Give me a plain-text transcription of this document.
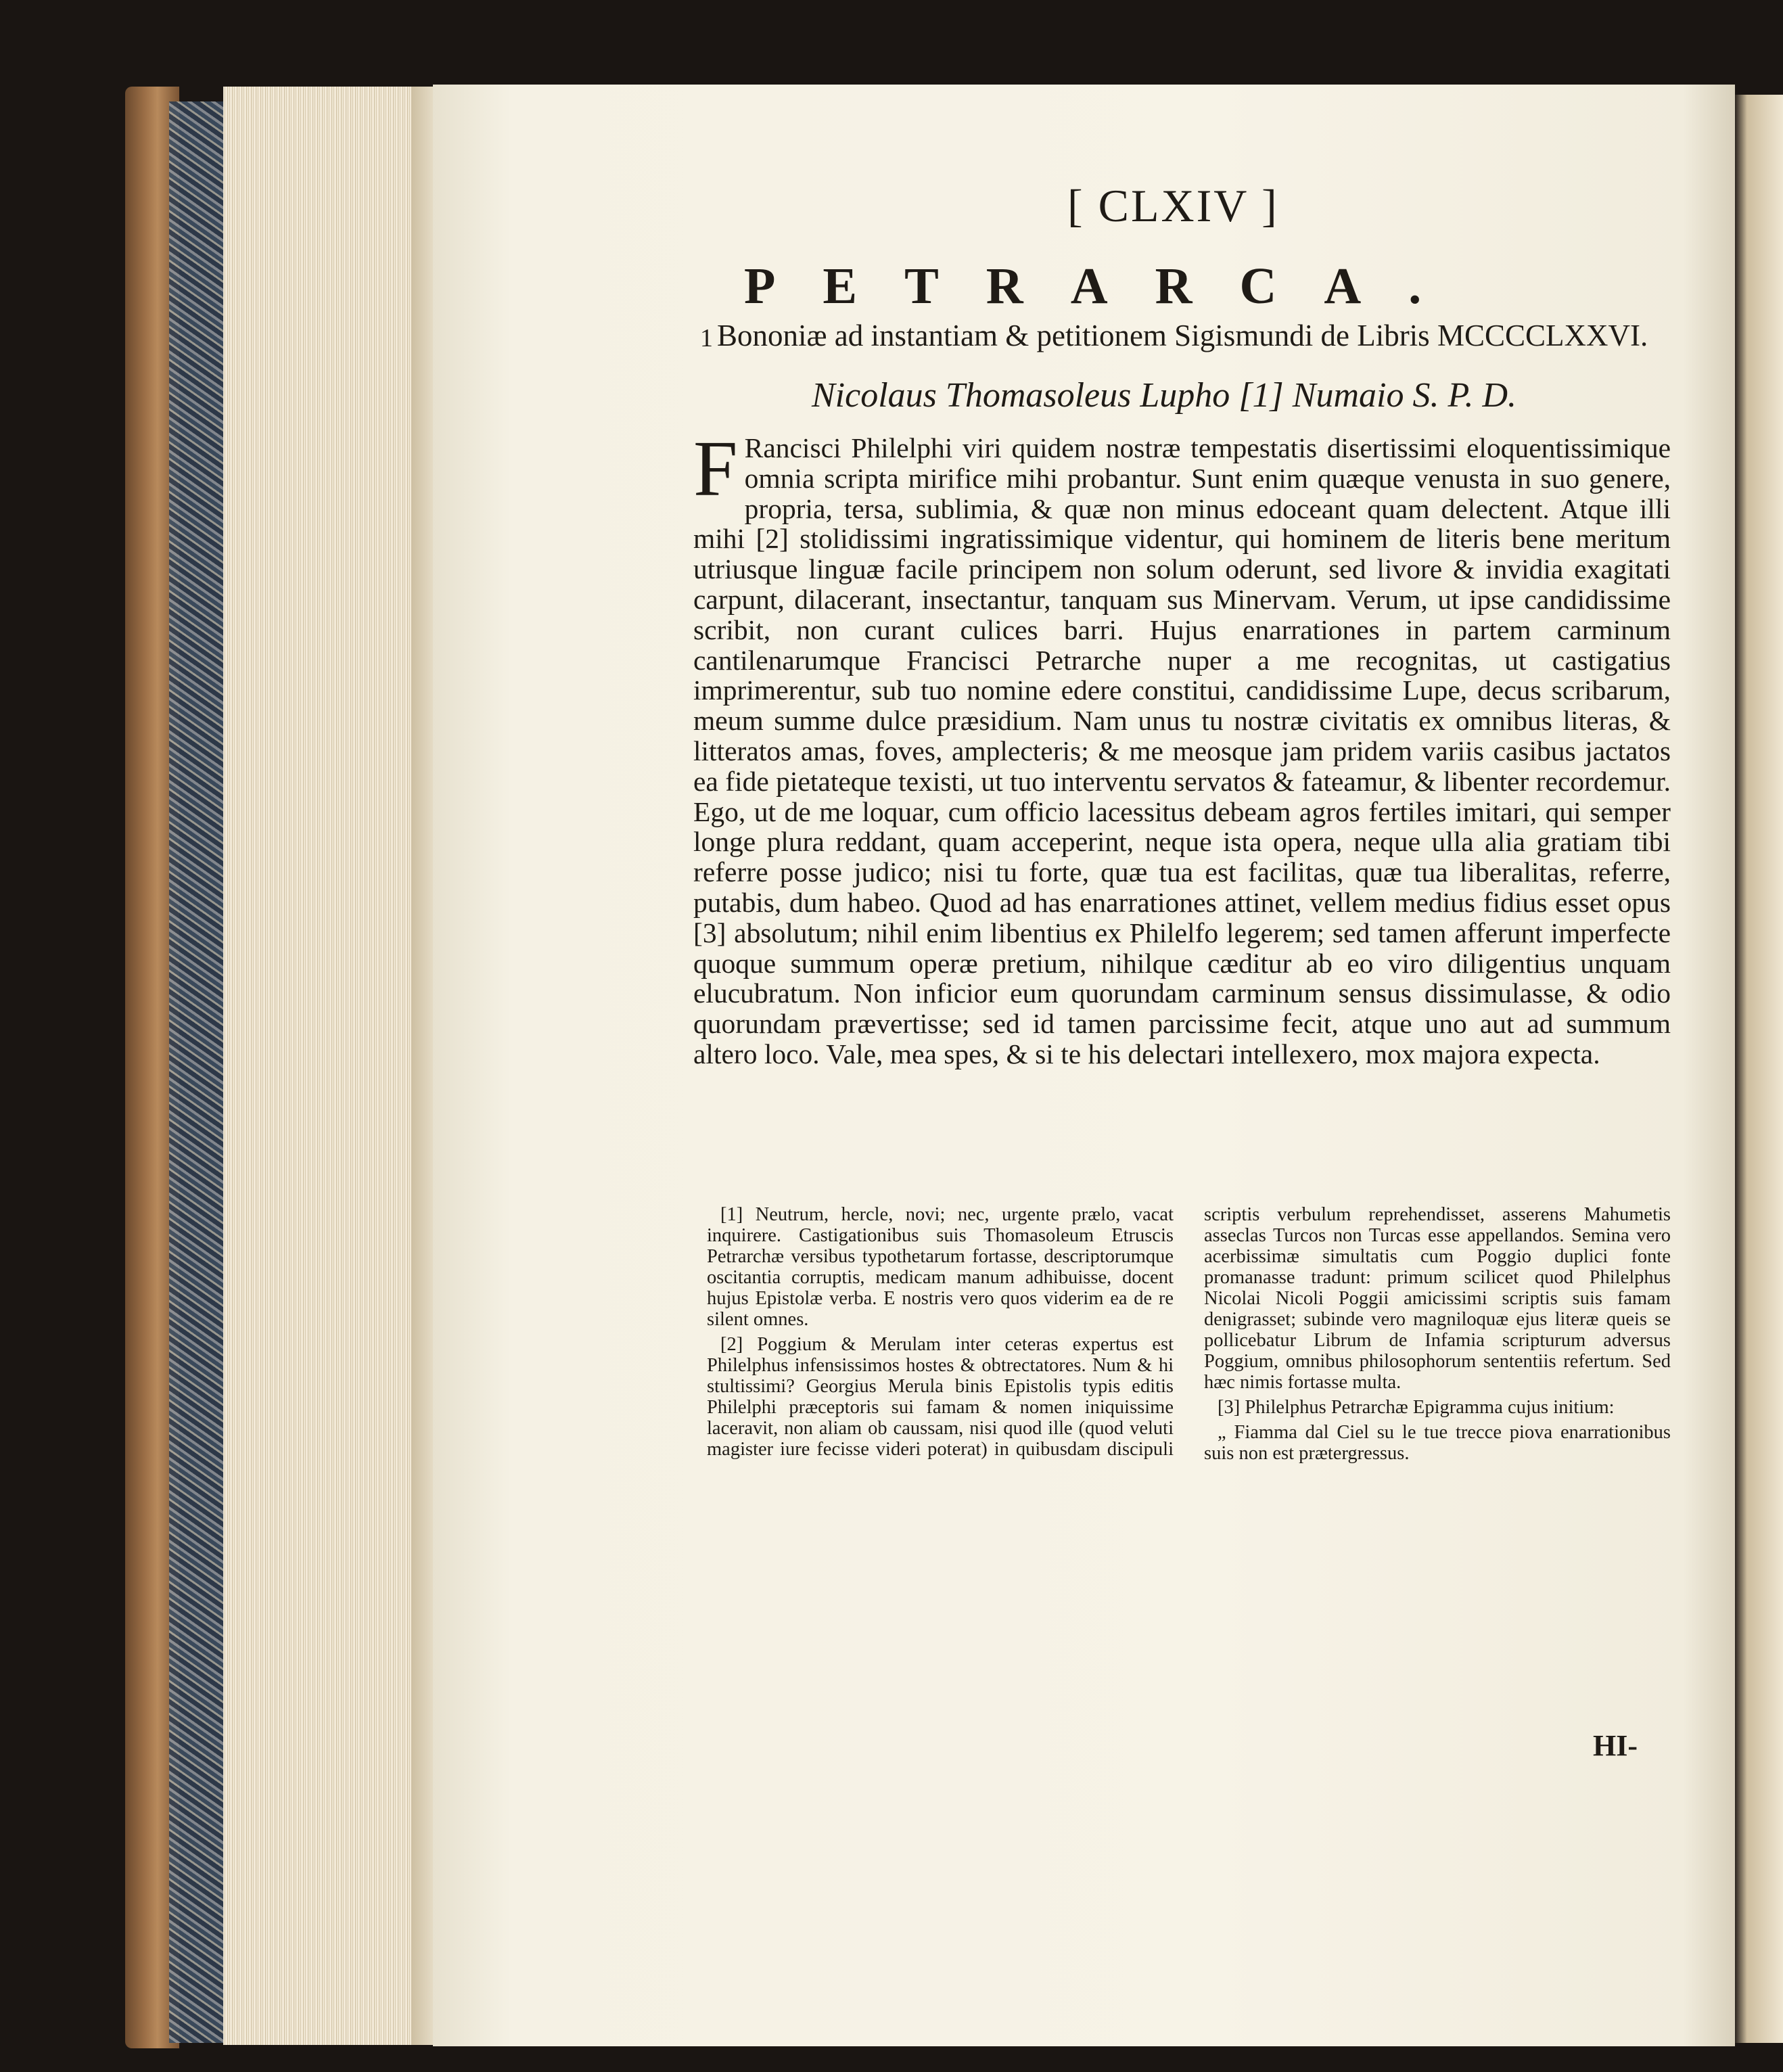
[ CLXIV ]
PETRARCA.
1 Bononiæ ad instantiam & petitionem Sigismundi de Libris MCCCCLXXVI.
Nicolaus Thomasoleus Lupho [1] Numaio S. P. D.
F Rancisci Philelphi viri quidem nostræ tempestatis disertissimi eloquentissimique omnia scripta mirifice mihi probantur. Sunt enim quæque venusta in suo genere, propria, tersa, sublimia, & quæ non minus edoceant quam delectent. Atque illi mihi [2] stolidissimi ingratissimique videntur, qui hominem de literis bene meritum utriusque linguæ facile principem non solum oderunt, sed livore & invidia exagitati carpunt, dilacerant, insectantur, tanquam sus Minervam. Verum, ut ipse candidissime scribit, non curant culices barri. Hujus enarrationes in partem carminum cantilenarumque Francisci Petrarche nuper a me recognitas, ut castigatius imprimerentur, sub tuo nomine edere constitui, candidissime Lupe, decus scribarum, meum summe dulce præsidium. Nam unus tu nostræ civitatis ex omnibus literas, & litteratos amas, foves, amplecteris; & me meosque jam pridem variis casibus jactatos ea fide pietateque texisti, ut tuo interventu servatos & fateamur, & libenter recordemur. Ego, ut de me loquar, cum officio lacessitus debeam agros fertiles imitari, qui semper longe plura reddant, quam acceperint, neque ista opera, neque ulla alia gratiam tibi referre posse judico; nisi tu forte, quæ tua est facilitas, quæ tua liberalitas, referre, putabis, dum habeo. Quod ad has enarrationes attinet, vellem medius fidius esset opus [3] absolutum; nihil enim libentius ex Philelfo legerem; sed tamen afferunt imperfecte quoque summum operæ pretium, nihilque cæditur ab eo viro diligentius unquam elucubratum. Non inficior eum quorundam carminum sensus dissimulasse, & odio quorundam prævertisse; sed id tamen parcissime fecit, atque uno aut ad summum altero loco. Vale, mea spes, & si te his delectari intellexero, mox majora expecta.

[1] Neutrum, hercle, novi; nec, urgente prælo, vacat inquirere. Castigationibus suis Thomasoleum Etruscis Petrarchæ versibus typothetarum fortasse, descriptorumque oscitantia corruptis, medicam manum adhibuisse, docent hujus Epistolæ verba. E nostris vero quos viderim ea de re silent omnes.

[2] Poggium & Merulam inter ceteras expertus est Philelphus infensissimos hostes & obtrectatores. Num & hi stultissimi? Georgius Merula binis Epistolis typis editis Philelphi præceptoris sui famam & nomen iniquissime laceravit, non aliam ob caussam, nisi quod ille (quod veluti magister iure fecisse videri poterat) in quibusdam discipuli scriptis verbulum reprehendisset, asserens Mahumetis asseclas Turcos non Turcas esse appellandos. Semina vero acerbissimæ simultatis cum Poggio duplici fonte promanasse tradunt: primum scilicet quod Philelphus Nicolai Nicoli Poggii amicissimi scriptis suis famam denigrasset; subinde vero magniloquæ ejus literæ queis se pollicebatur Librum de Infamia scripturum adversus Poggium, omnibus philosophorum sententiis refertum. Sed hæc nimis fortasse multa.

[3] Philelphus Petrarchæ Epigramma cujus initium:

„ Fiamma dal Ciel su le tue trecce piova enarrationibus suis non est prætergressus.

HI-
